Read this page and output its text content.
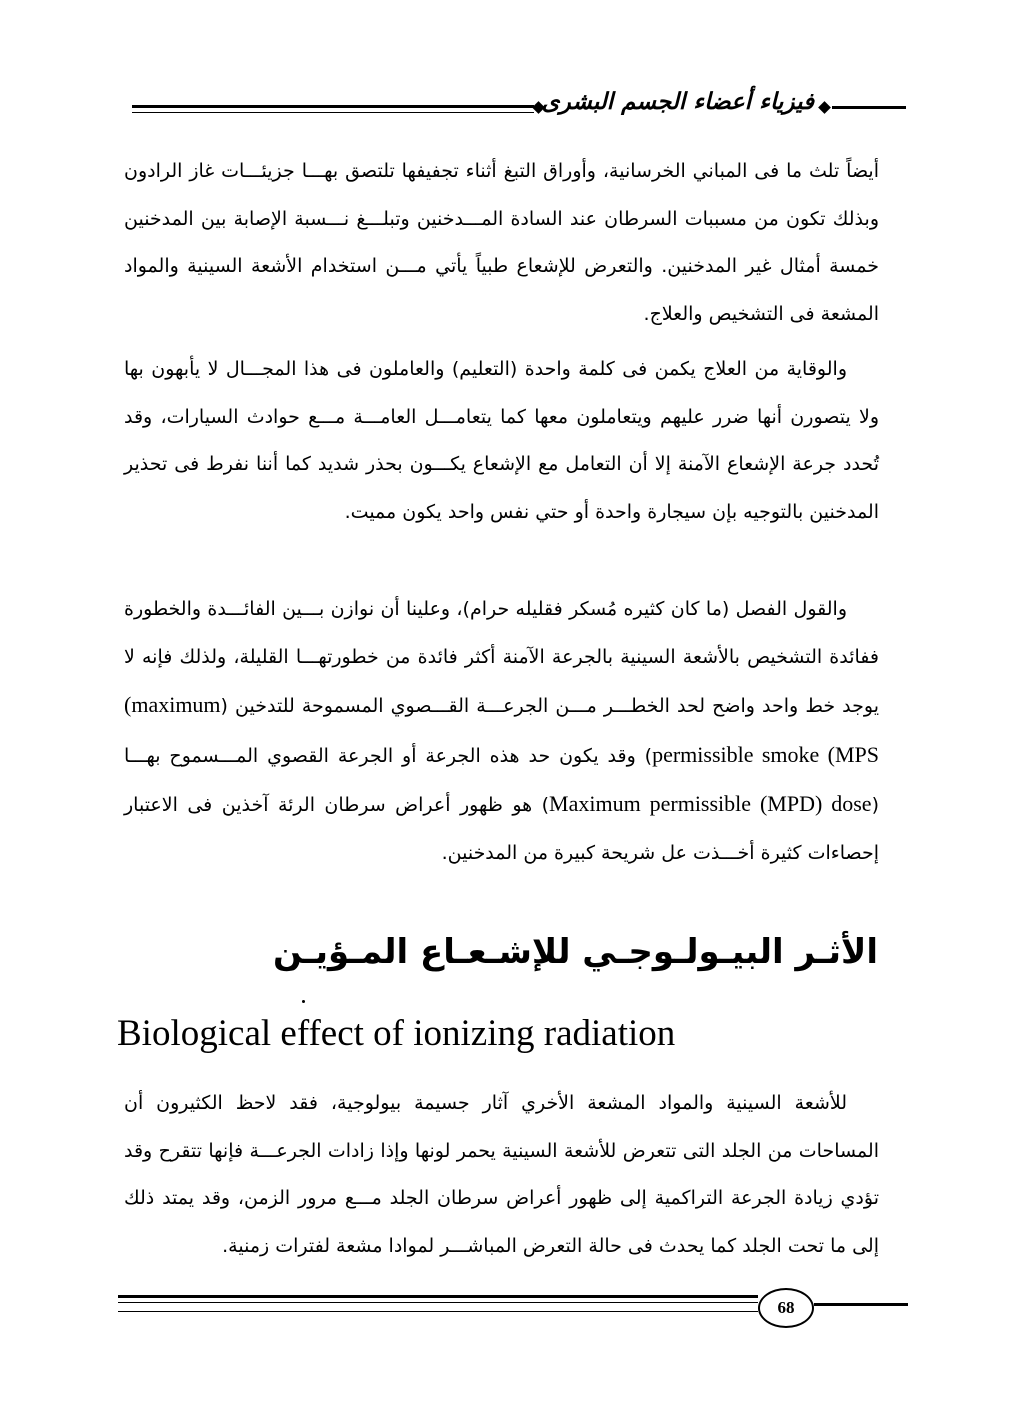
فيزياء أعضاء الجسم البشرى

أيضاً تلث ما فى المباني الخرسانية، وأوراق التبغ أثناء تجفيفها تلتصق بهـــا جزيئـــات غاز الرادون وبذلك تكون من مسببات السرطان عند السادة المـــدخنين وتبلـــغ نـــسبة الإصابة بين المدخنين خمسة أمثال غير المدخنين. والتعرض للإشعاع طبياً يأتي مـــن استخدام الأشعة السينية والمواد المشعة فى التشخيص والعلاج.

والوقاية من العلاج يكمن فى كلمة واحدة (التعليم) والعاملون فى هذا المجـــال لا يأبهون بها ولا يتصورن أنها ضرر عليهم ويتعاملون معها كما يتعامـــل العامـــة مـــع حوادث السيارات، وقد تُحدد جرعة الإشعاع الآمنة إلا أن التعامل مع الإشعاع يكـــون بحذر شديد كما أننا نفرط فى تحذير المدخنين بالتوجيه بإن سيجارة واحدة أو حتي نفس واحد يكون مميت.

والقول الفصل (ما كان كثيره مُسكر فقليله حرام)، وعلينا أن نوازن بـــين الفائـــدة والخطورة ففائدة التشخيص بالأشعة السينية بالجرعة الآمنة أكثر فائدة من خطورتهـــا القليلة، ولذلك فإنه لا يوجد خط واحد واضح لحد الخطـــر مـــن الجرعـــة القـــصوي المسموحة للتدخين ((maximum permissible smoke (MPS) وقد يكون حد هذه الجرعة أو الجرعة القصوي المـــسموح بهـــا (Maximum permissible (MPD) dose) هو ظهور أعراض سرطان الرئة آخذين فى الاعتبار إحصاءات كثيرة أخـــذت عل شريحة كبيرة من المدخنين.

الأثـر البيـولـوجـي للإشـعـاع المـؤيـن
Biological effect of ionizing radiation

للأشعة السينية والمواد المشعة الأخري آثار جسيمة بيولوجية، فقد لاحظ الكثيرون أن المساحات من الجلد التى تتعرض للأشعة السينية يحمر لونها وإذا زادات الجرعـــة فإنها تتقرح وقد تؤدي زيادة الجرعة التراكمية إلى ظهور أعراض سرطان الجلد مـــع مرور الزمن، وقد يمتد ذلك إلى ما تحت الجلد كما يحدث فى حالة التعرض المباشـــر لموادا مشعة لفترات زمنية.

68
